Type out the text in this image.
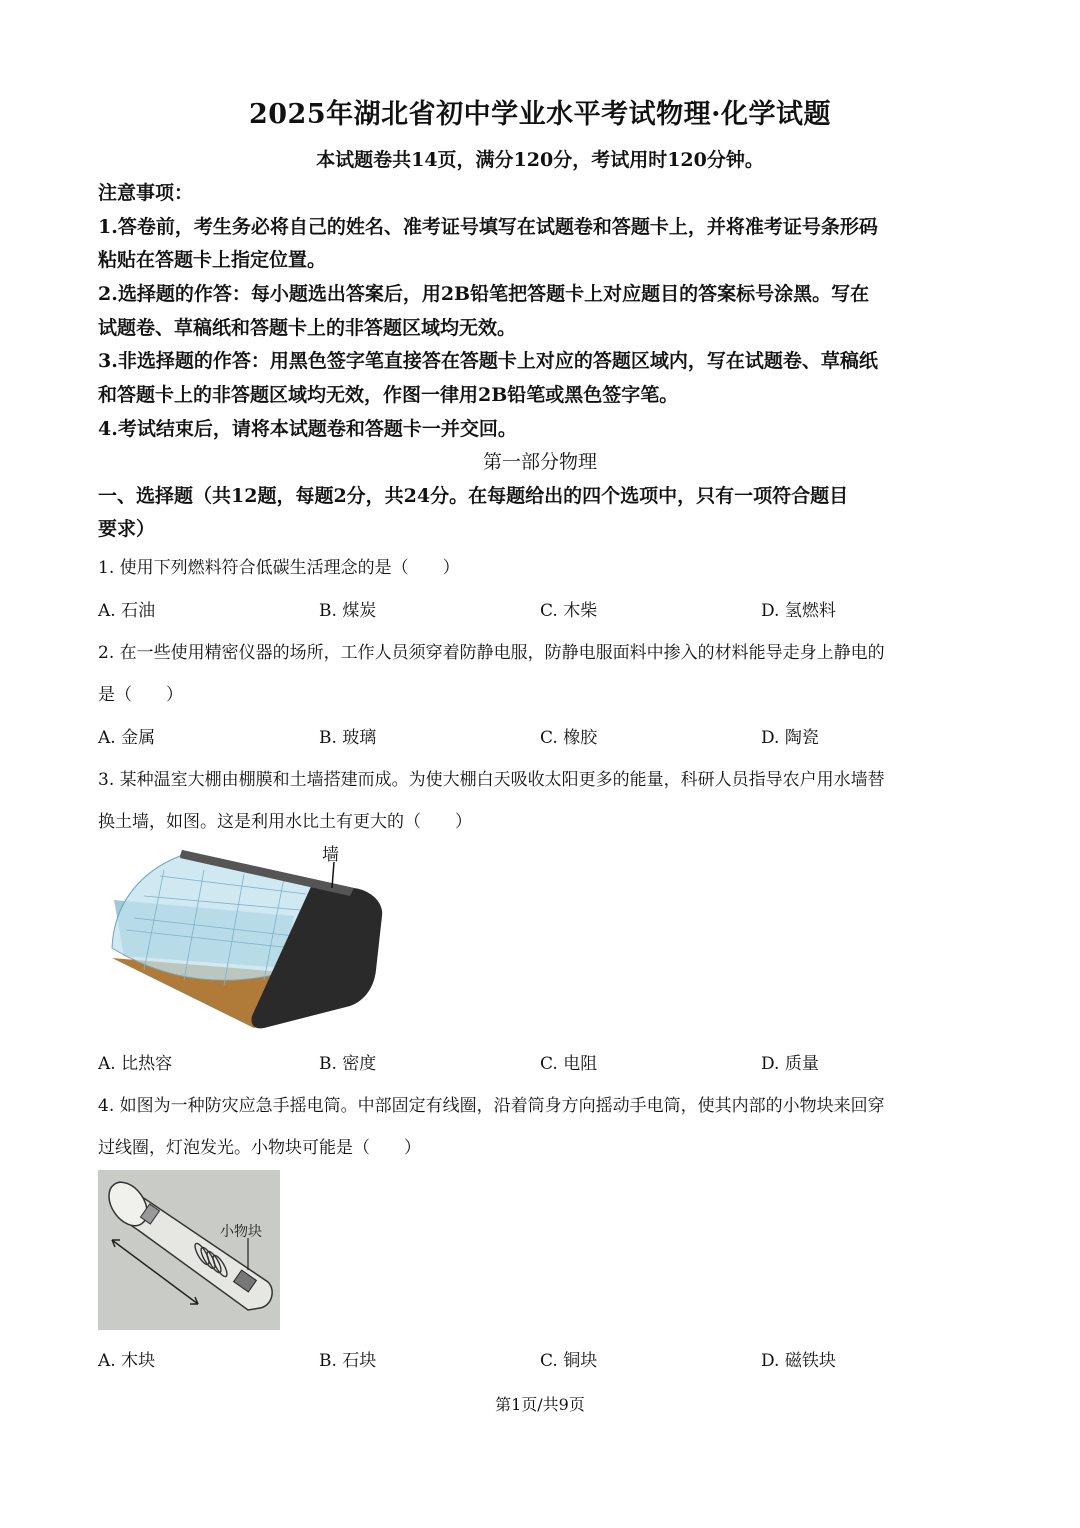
2025年湖北省初中学业水平考试物理·化学试题
本试题卷共14页，满分120分，考试用时120分钟。
注意事项：
1.答卷前，考生务必将自己的姓名、准考证号填写在试题卷和答题卡上，并将准考证号条形码
粘贴在答题卡上指定位置。
2.选择题的作答：每小题选出答案后，用2B铅笔把答题卡上对应题目的答案标号涂黑。写在
试题卷、草稿纸和答题卡上的非答题区域均无效。
3.非选择题的作答：用黑色签字笔直接答在答题卡上对应的答题区域内，写在试题卷、草稿纸
和答题卡上的非答题区域均无效，作图一律用2B铅笔或黑色签字笔。
4.考试结束后，请将本试题卷和答题卡一并交回。
第一部分物理
一、选择题（共12题，每题2分，共24分。在每题给出的四个选项中，只有一项符合题目
要求）
1. 使用下列燃料符合低碳生活理念的是（　　）
A. 石油	B. 煤炭	C. 木柴	D. 氢燃料
2. 在一些使用精密仪器的场所，工作人员须穿着防静电服，防静电服面料中掺入的材料能导走身上静电的
是（　　）
A. 金属	B. 玻璃	C. 橡胶	D. 陶瓷
3. 某种温室大棚由棚膜和土墙搭建而成。为使大棚白天吸收太阳更多的能量，科研人员指导农户用水墙替
换土墙，如图。这是利用水比土有更大的（　　）
墙
A. 比热容	B. 密度	C. 电阻	D. 质量
4. 如图为一种防灾应急手摇电筒。中部固定有线圈，沿着筒身方向摇动手电筒，使其内部的小物块来回穿
过线圈，灯泡发光。小物块可能是（　　）
小物块
A. 木块	B. 石块	C. 铜块	D. 磁铁块
第1页/共9页
